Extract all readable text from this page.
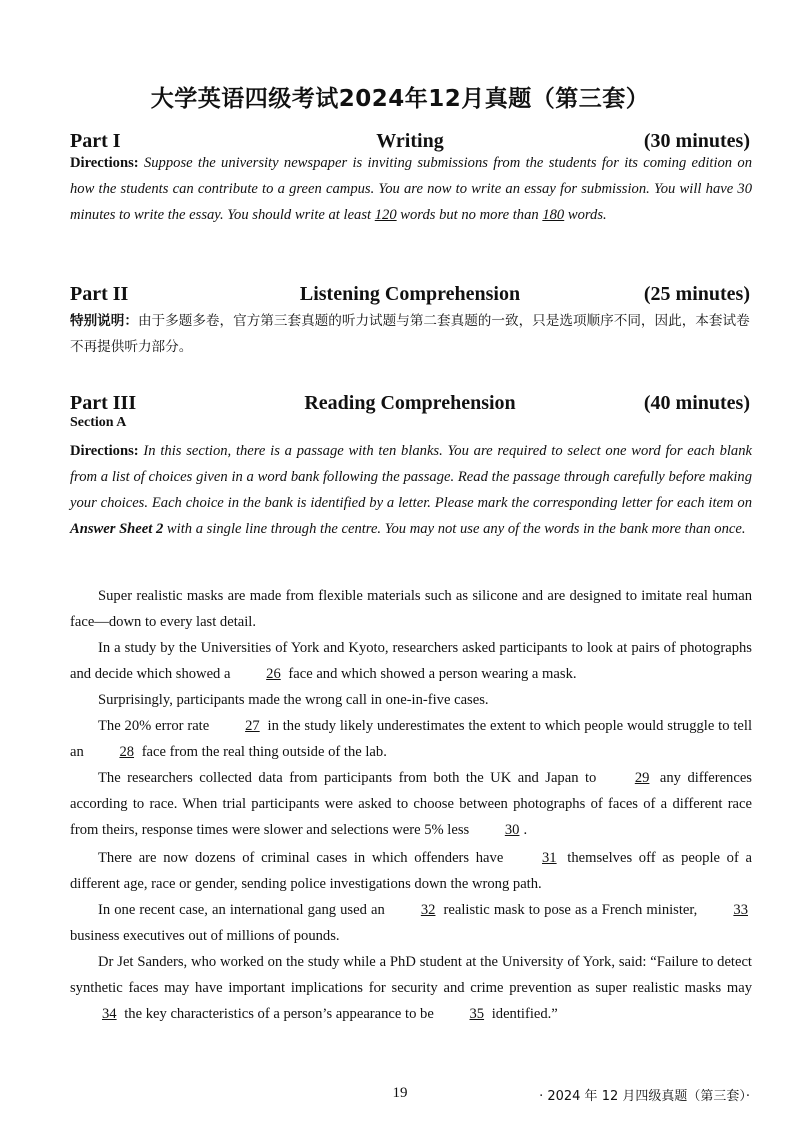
大学英语四级考试2024年12月真题（第三套）
Writing
Part I	(30 minutes)
Directions: Suppose the university newspaper is inviting submissions from the students for its coming edition on how the students can contribute to a green campus. You are now to write an essay for submission. You will have 30 minutes to write the essay. You should write at least 120 words but no more than 180 words.
Listening Comprehension
Part II	(25 minutes)
特别说明：由于多题多卷，官方第三套真题的听力试题与第二套真题的一致，只是选项顺序不同，因此，本套试卷不再提供听力部分。
Reading Comprehension
Part III	(40 minutes)
Section A
Directions: In this section, there is a passage with ten blanks. You are required to select one word for each blank from a list of choices given in a word bank following the passage. Read the passage through carefully before making your choices. Each choice in the bank is identified by a letter. Please mark the corresponding letter for each item on Answer Sheet 2 with a single line through the centre. You may not use any of the words in the bank more than once.
Super realistic masks are made from flexible materials such as silicone and are designed to imitate real human face—down to every last detail.
In a study by the Universities of York and Kyoto, researchers asked participants to look at pairs of photographs and decide which showed a 26 face and which showed a person wearing a mask.
Surprisingly, participants made the wrong call in one-in-five cases.
The 20% error rate 27 in the study likely underestimates the extent to which people would struggle to tell an 28 face from the real thing outside of the lab.
The researchers collected data from participants from both the UK and Japan to	29 any differences according to race. When trial participants were asked to choose between photographs of faces of a different race from theirs, response times were slower and selections were 5% less 30 .
There are now dozens of criminal cases in which offenders have	31 themselves off as people of a different age, race or gender, sending police investigations down the wrong path.
In one recent case, an international gang used an 32 realistic mask to pose as a French minister, 33 business executives out of millions of pounds.
Dr Jet Sanders, who worked on the study while a PhD student at the University of York, said: “Failure to detect synthetic faces may have important implications for security and crime prevention as super realistic masks may 34 the key characteristics of a person’s appearance to be 35 identified.”
19	· 2024 年 12 月四级真题（第三套）·
